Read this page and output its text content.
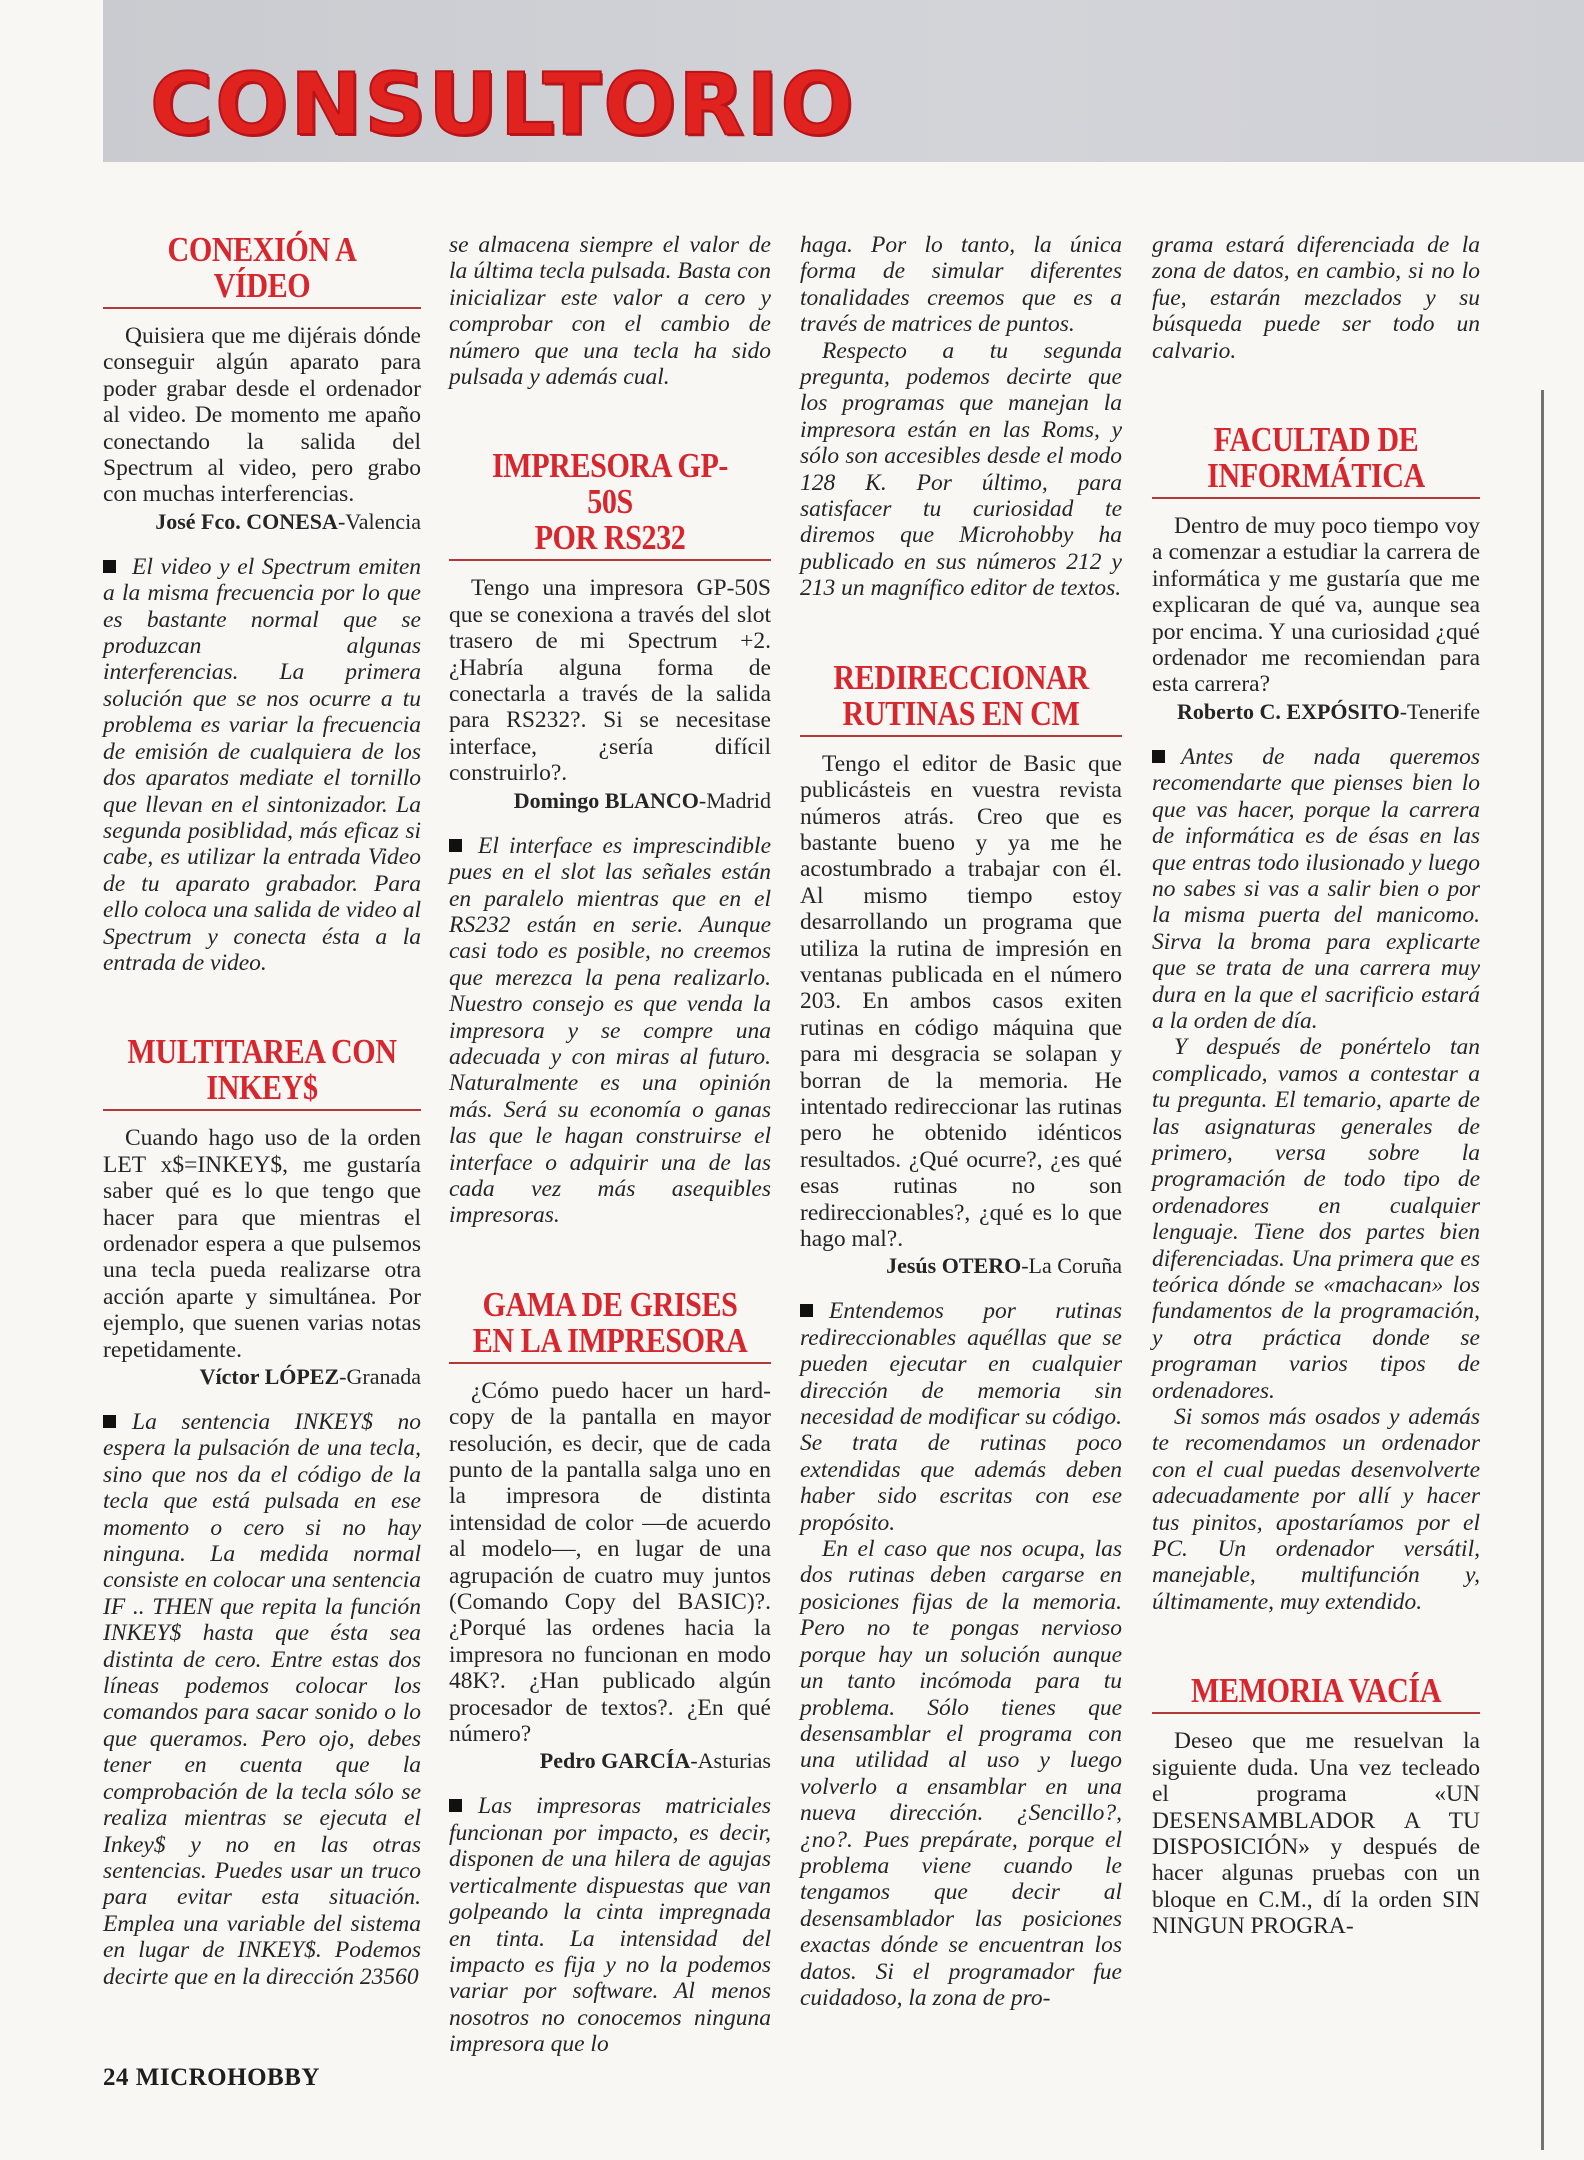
CONSULTORIO
CONEXIÓN A VÍDEO

Quisiera que me dijérais dónde conseguir algún aparato para poder grabar desde el ordenador al video. De momento me apaño conectando la salida del Spectrum al video, pero grabo con muchas interferencias.

José Fco. CONESA-Valencia

El video y el Spectrum emiten a la misma frecuencia por lo que es bastante normal que se produzcan algunas interferencias. La primera solución que se nos ocurre a tu problema es variar la frecuencia de emisión de cualquiera de los dos aparatos mediate el tornillo que llevan en el sintonizador. La segunda posiblidad, más eficaz si cabe, es utilizar la entrada Video de tu aparato grabador. Para ello coloca una salida de video al Spectrum y conecta ésta a la entrada de video.

MULTITAREA CON
INKEY$

Cuando hago uso de la orden LET x$=INKEY$, me gustaría saber qué es lo que tengo que hacer para que mientras el ordenador espera a que pulsemos una tecla pueda realizarse otra acción aparte y simultánea. Por ejemplo, que suenen varias notas repetidamente.

Víctor LÓPEZ-Granada

La sentencia INKEY$ no espera la pulsación de una tecla, sino que nos da el código de la tecla que está pulsada en ese momento o cero si no hay ninguna. La medida normal consiste en colocar una sentencia IF .. THEN que repita la función INKEY$ hasta que ésta sea distinta de cero. Entre estas dos líneas podemos colocar los comandos para sacar sonido o lo que queramos. Pero ojo, debes tener en cuenta que la comprobación de la tecla sólo se realiza mientras se ejecuta el Inkey$ y no en las otras sentencias. Puedes usar un truco para evitar esta situación. Emplea una variable del sistema en lugar de INKEY$. Podemos decirte que en la dirección 23560

se almacena siempre el valor de la última tecla pulsada. Basta con inicializar este valor a cero y comprobar con el cambio de número que una tecla ha sido pulsada y además cual.

IMPRESORA GP-50S
POR RS232

Tengo una impresora GP-50S que se conexiona a través del slot trasero de mi Spectrum +2. ¿Habría alguna forma de conectarla a través de la salida para RS232?. Si se necesitase interface, ¿sería difícil construirlo?.

Domingo BLANCO-Madrid

El interface es imprescindible pues en el slot las señales están en paralelo mientras que en el RS232 están en serie. Aunque casi todo es posible, no creemos que merezca la pena realizarlo. Nuestro consejo es que venda la impresora y se compre una adecuada y con miras al futuro. Naturalmente es una opinión más. Será su economía o ganas las que le hagan construirse el interface o adquirir una de las cada vez más asequibles impresoras.

GAMA DE GRISES
EN LA IMPRESORA

¿Cómo puedo hacer un hard-copy de la pantalla en mayor resolución, es decir, que de cada punto de la pantalla salga uno en la impresora de distinta intensidad de color —de acuerdo al modelo—, en lugar de una agrupación de cuatro muy juntos (Comando Copy del BASIC)?. ¿Porqué las ordenes hacia la impresora no funcionan en modo 48K?. ¿Han publicado algún procesador de textos?. ¿En qué número?

Pedro GARCÍA-Asturias

Las impresoras matriciales funcionan por impacto, es decir, disponen de una hilera de agujas verticalmente dispuestas que van golpeando la cinta impregnada en tinta. La intensidad del impacto es fija y no la podemos variar por software. Al menos nosotros no conocemos ninguna impresora que lo

haga. Por lo tanto, la única forma de simular diferentes tonalidades creemos que es a través de matrices de puntos.

Respecto a tu segunda pregunta, podemos decirte que los programas que manejan la impresora están en las Roms, y sólo son accesibles desde el modo 128 K. Por último, para satisfacer tu curiosidad te diremos que Microhobby ha publicado en sus números 212 y 213 un magnífico editor de textos.

REDIRECCIONAR
RUTINAS EN CM

Tengo el editor de Basic que publicásteis en vuestra revista números atrás. Creo que es bastante bueno y ya me he acostumbrado a trabajar con él. Al mismo tiempo estoy desarrollando un programa que utiliza la rutina de impresión en ventanas publicada en el número 203. En ambos casos exiten rutinas en código máquina que para mi desgracia se solapan y borran de la memoria. He intentado redireccionar las rutinas pero he obtenido idénticos resultados. ¿Qué ocurre?, ¿es qué esas rutinas no son redireccionables?, ¿qué es lo que hago mal?.

Jesús OTERO-La Coruña

Entendemos por rutinas redireccionables aquéllas que se pueden ejecutar en cualquier dirección de memoria sin necesidad de modificar su código. Se trata de rutinas poco extendidas que además deben haber sido escritas con ese propósito.

En el caso que nos ocupa, las dos rutinas deben cargarse en posiciones fijas de la memoria. Pero no te pongas nervioso porque hay un solución aunque un tanto incómoda para tu problema. Sólo tienes que desensamblar el programa con una utilidad al uso y luego volverlo a ensamblar en una nueva dirección. ¿Sencillo?, ¿no?. Pues prepárate, porque el problema viene cuando le tengamos que decir al desensamblador las posiciones exactas dónde se encuentran los datos. Si el programador fue cuidadoso, la zona de pro-

grama estará diferenciada de la zona de datos, en cambio, si no lo fue, estarán mezclados y su búsqueda puede ser todo un calvario.

FACULTAD DE
INFORMÁTICA

Dentro de muy poco tiempo voy a comenzar a estudiar la carrera de informática y me gustaría que me explicaran de qué va, aunque sea por encima. Y una curiosidad ¿qué ordenador me recomiendan para esta carrera?

Roberto C. EXPÓSITO-Tenerife

Antes de nada queremos recomendarte que pienses bien lo que vas hacer, porque la carrera de informática es de ésas en las que entras todo ilusionado y luego no sabes si vas a salir bien o por la misma puerta del manicomo. Sirva la broma para explicarte que se trata de una carrera muy dura en la que el sacrificio estará a la orden de día.

Y después de ponértelo tan complicado, vamos a contestar a tu pregunta. El temario, aparte de las asignaturas generales de primero, versa sobre la programación de todo tipo de ordenadores en cualquier lenguaje. Tiene dos partes bien diferenciadas. Una primera que es teórica dónde se «machacan» los fundamentos de la programación, y otra práctica donde se programan varios tipos de ordenadores.

Si somos más osados y además te recomendamos un ordenador con el cual puedas desenvolverte adecuadamente por allí y hacer tus pinitos, apostaríamos por el PC. Un ordenador versátil, manejable, multifunción y, últimamente, muy extendido.

MEMORIA VACÍA

Deseo que me resuelvan la siguiente duda. Una vez tecleado el programa «UN DESENSAMBLADOR A TU DISPOSICIÓN» y después de hacer algunas pruebas con un bloque en C.M., dí la orden SIN NINGUN PROGRA-

24 MICROHOBBY
